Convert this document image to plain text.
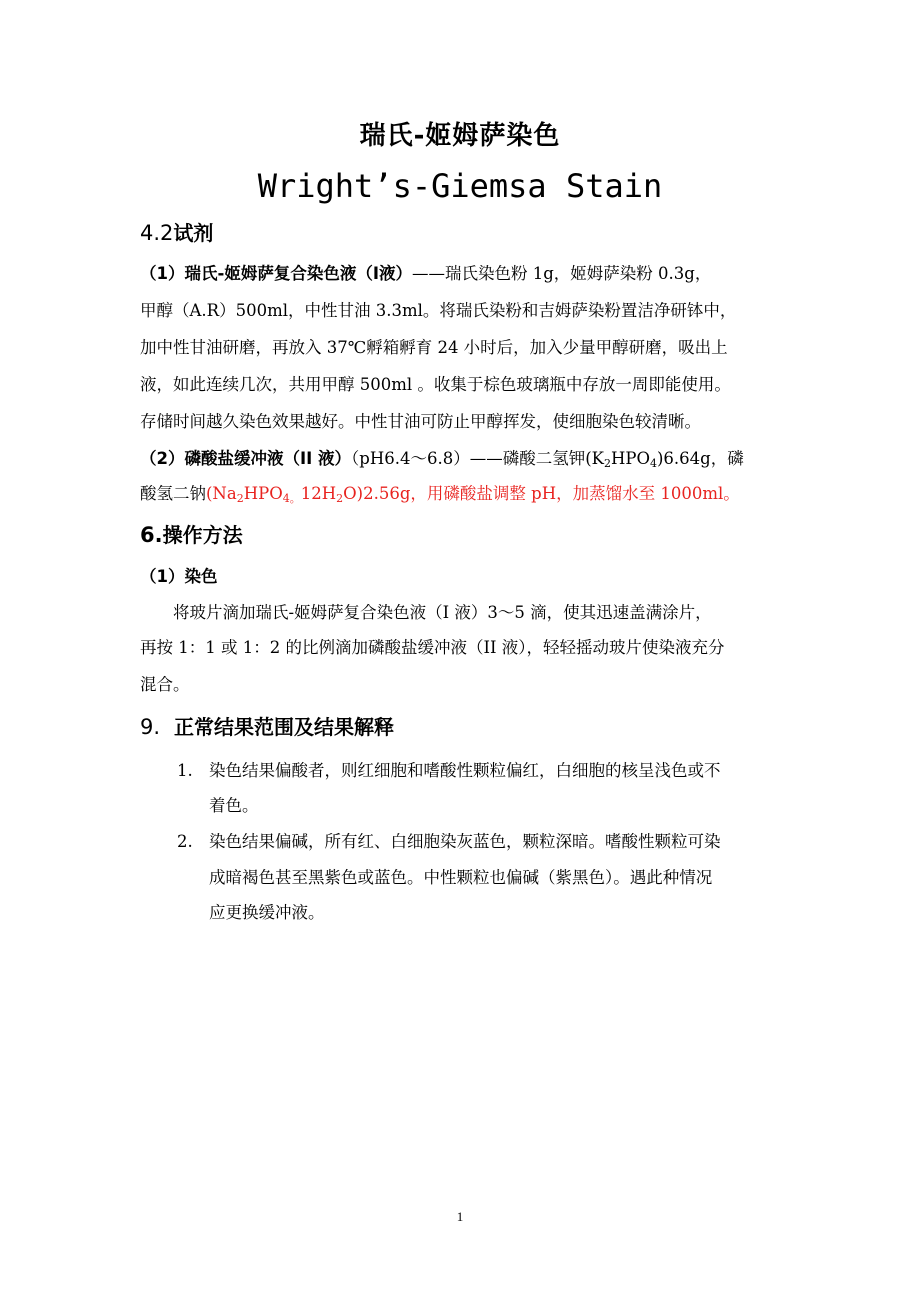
瑞氏-姬姆萨染色
Wright’s-Giemsa Stain
4.2试剂
（1）瑞氏-姬姆萨复合染色液（I液）——瑞氏染色粉 1g，姬姆萨染粉 0.3g，
甲醇（A.R）500ml，中性甘油 3.3ml。将瑞氏染粉和吉姆萨染粉置洁净研钵中，
加中性甘油研磨，再放入 37℃孵箱孵育 24 小时后，加入少量甲醇研磨，吸出上
液，如此连续几次，共用甲醇 500ml 。收集于棕色玻璃瓶中存放一周即能使用。
存储时间越久染色效果越好。中性甘油可防止甲醇挥发，使细胞染色较清晰。
（2）磷酸盐缓冲液（II 液）（pH6.4～6.8）——磷酸二氢钾$(K_2HPO_4)6.64g$，磷
酸氢二钠$(Na_2HPO_{4。}12H_2O)2.56g$，用磷酸盐调整 pH，加蒸馏水至 1000ml。
6.操作方法
（1）染色
将玻片滴加瑞氏-姬姆萨复合染色液（I 液）3～5 滴，使其迅速盖满涂片，
再按 1：1 或 1：2 的比例滴加磷酸盐缓冲液（II 液），轻轻摇动玻片使染液充分
混合。
9. 正常结果范围及结果解释
1. 染色结果偏酸者，则红细胞和嗜酸性颗粒偏红，白细胞的核呈浅色或不
着色。
2. 染色结果偏碱，所有红、白细胞染灰蓝色，颗粒深暗。嗜酸性颗粒可染
成暗褐色甚至黑紫色或蓝色。中性颗粒也偏碱（紫黑色）。遇此种情况
应更换缓冲液。
1
